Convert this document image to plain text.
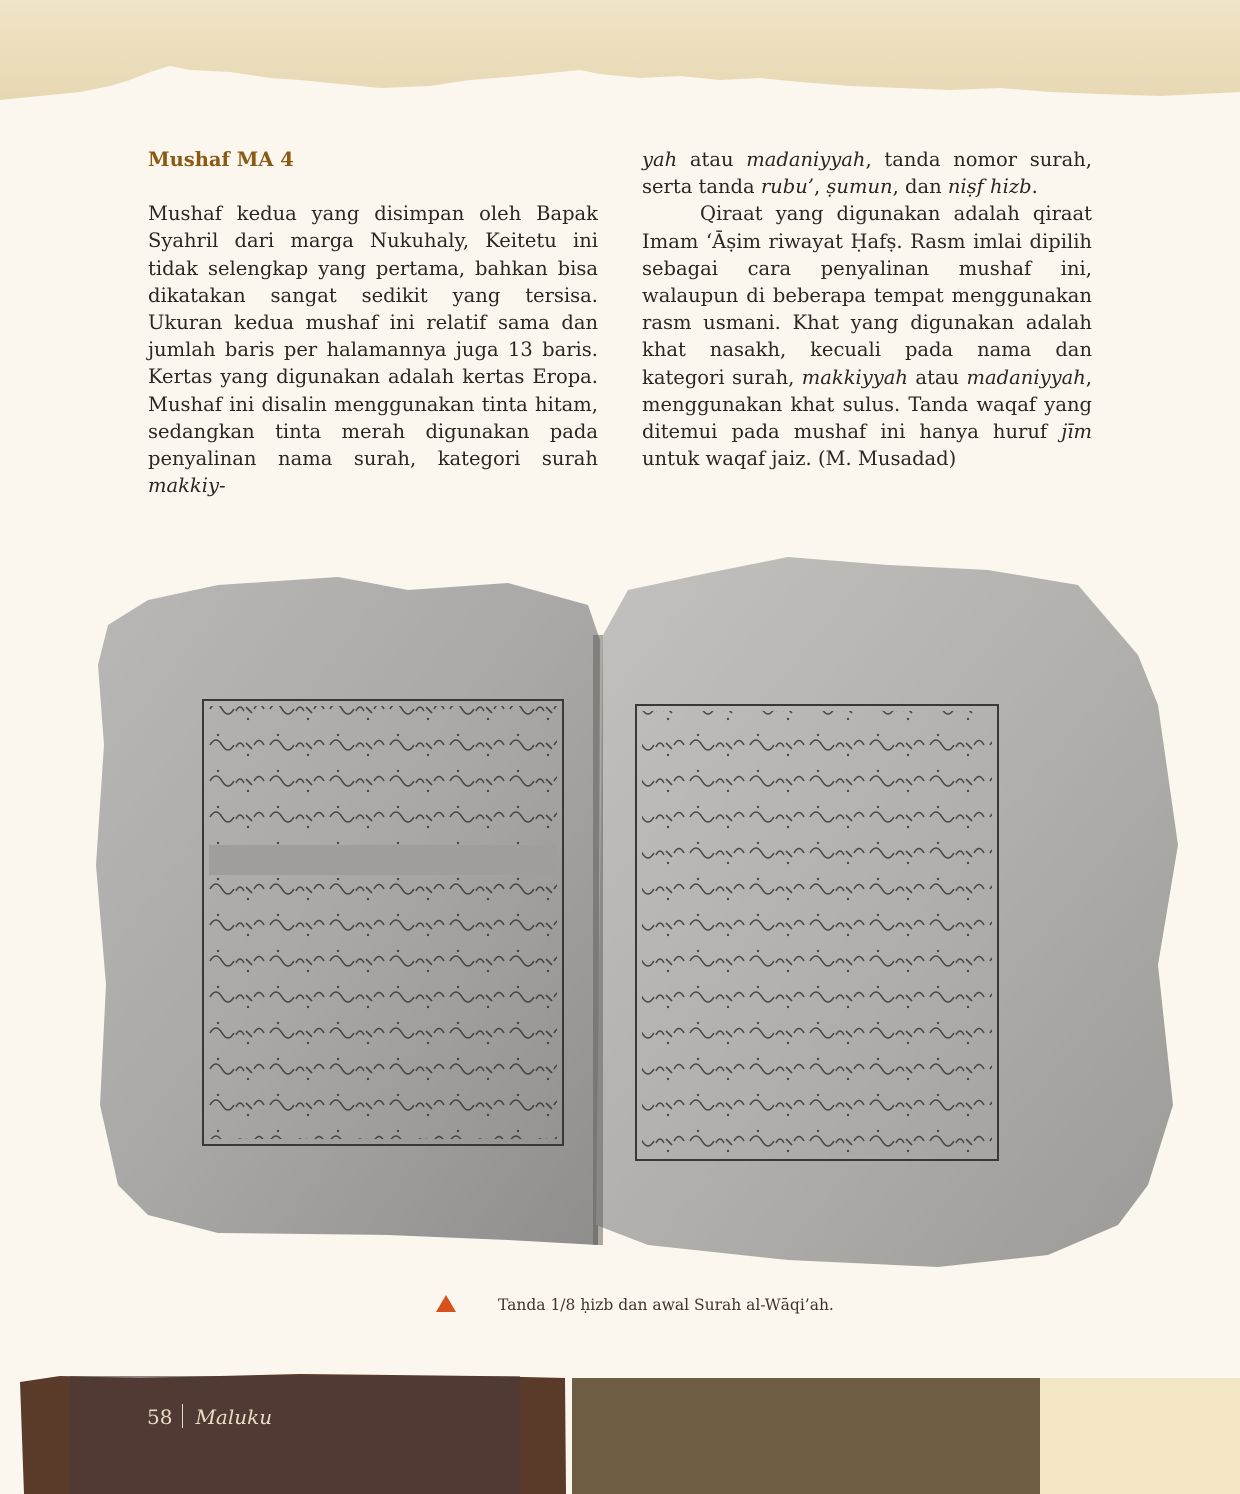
Mushaf MA 4

Mushaf kedua yang disimpan oleh Bapak Syahril dari marga Nukuhaly, Keitetu ini tidak selengkap yang pertama, bahkan bisa dikatakan sangat sedikit yang tersisa. Ukuran kedua mushaf ini relatif sama dan jumlah baris per halamannya juga 13 baris. Kertas yang digunakan adalah kertas Eropa. Mushaf ini disalin menggunakan tinta hitam, sedangkan tinta merah digunakan pada penyalinan nama surah, kategori surah makkiy-

yah atau madaniyyah, tanda nomor surah, serta tanda rubu’, ṣumun, dan niṣf hizb.

Qiraat yang digunakan adalah qiraat Imam ‘Āṣim riwayat Ḥafṣ. Rasm imlai dipilih sebagai cara penyalinan mushaf ini, walaupun di beberapa tempat menggunakan rasm usmani. Khat yang digunakan adalah khat nasakh, kecuali pada nama dan kategori surah, makkiyyah atau madaniyyah, menggunakan khat sulus. Tanda waqaf yang ditemui pada mushaf ini hanya huruf jīm untuk waqaf jaiz. (M. Musadad)

Tanda 1/8 ḥizb dan awal Surah al-Wāqi’ah.
58 Maluku
